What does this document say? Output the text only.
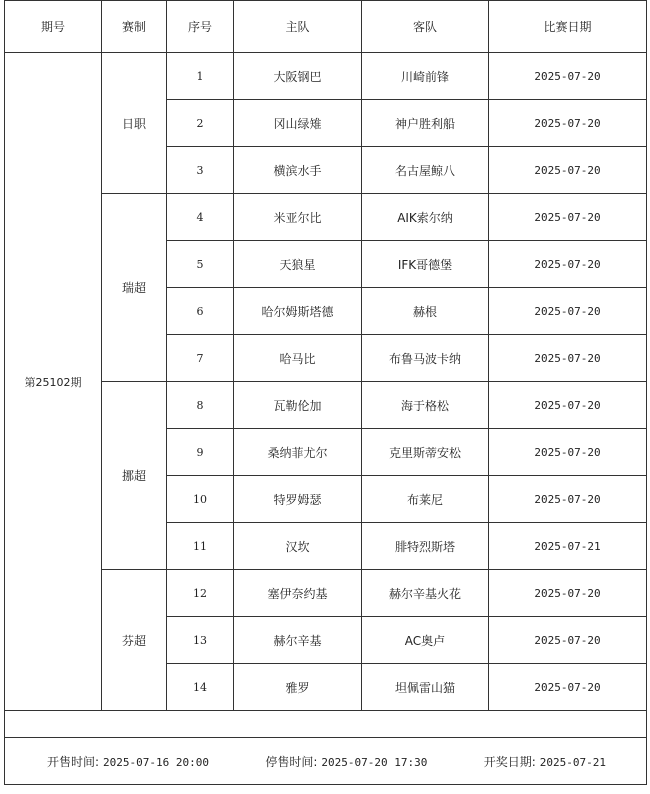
期号	赛制	序号	主队	客队	比赛日期
第25102期	日职	1	大阪钢巴	川崎前锋	2025-07-20
		2	冈山绿雉	神户胜利船	2025-07-20
		3	横滨水手	名古屋鲸八	2025-07-20
	瑞超	4	米亚尔比	AIK索尔纳	2025-07-20
		5	天狼星	IFK哥德堡	2025-07-20
		6	哈尔姆斯塔德	赫根	2025-07-20
		7	哈马比	布鲁马波卡纳	2025-07-20
	挪超	8	瓦勒伦加	海于格松	2025-07-20
		9	桑纳菲尤尔	克里斯蒂安松	2025-07-20
		10	特罗姆瑟	布莱尼	2025-07-20
		11	汉坎	腓特烈斯塔	2025-07-21
	芬超	12	塞伊奈约基	赫尔辛基火花	2025-07-20
		13	赫尔辛基	AC奥卢	2025-07-20
		14	雅罗	坦佩雷山猫	2025-07-20

开售时间: 2025-07-16 20:00 停售时间: 2025-07-20 17:30 开奖日期: 2025-07-21					
